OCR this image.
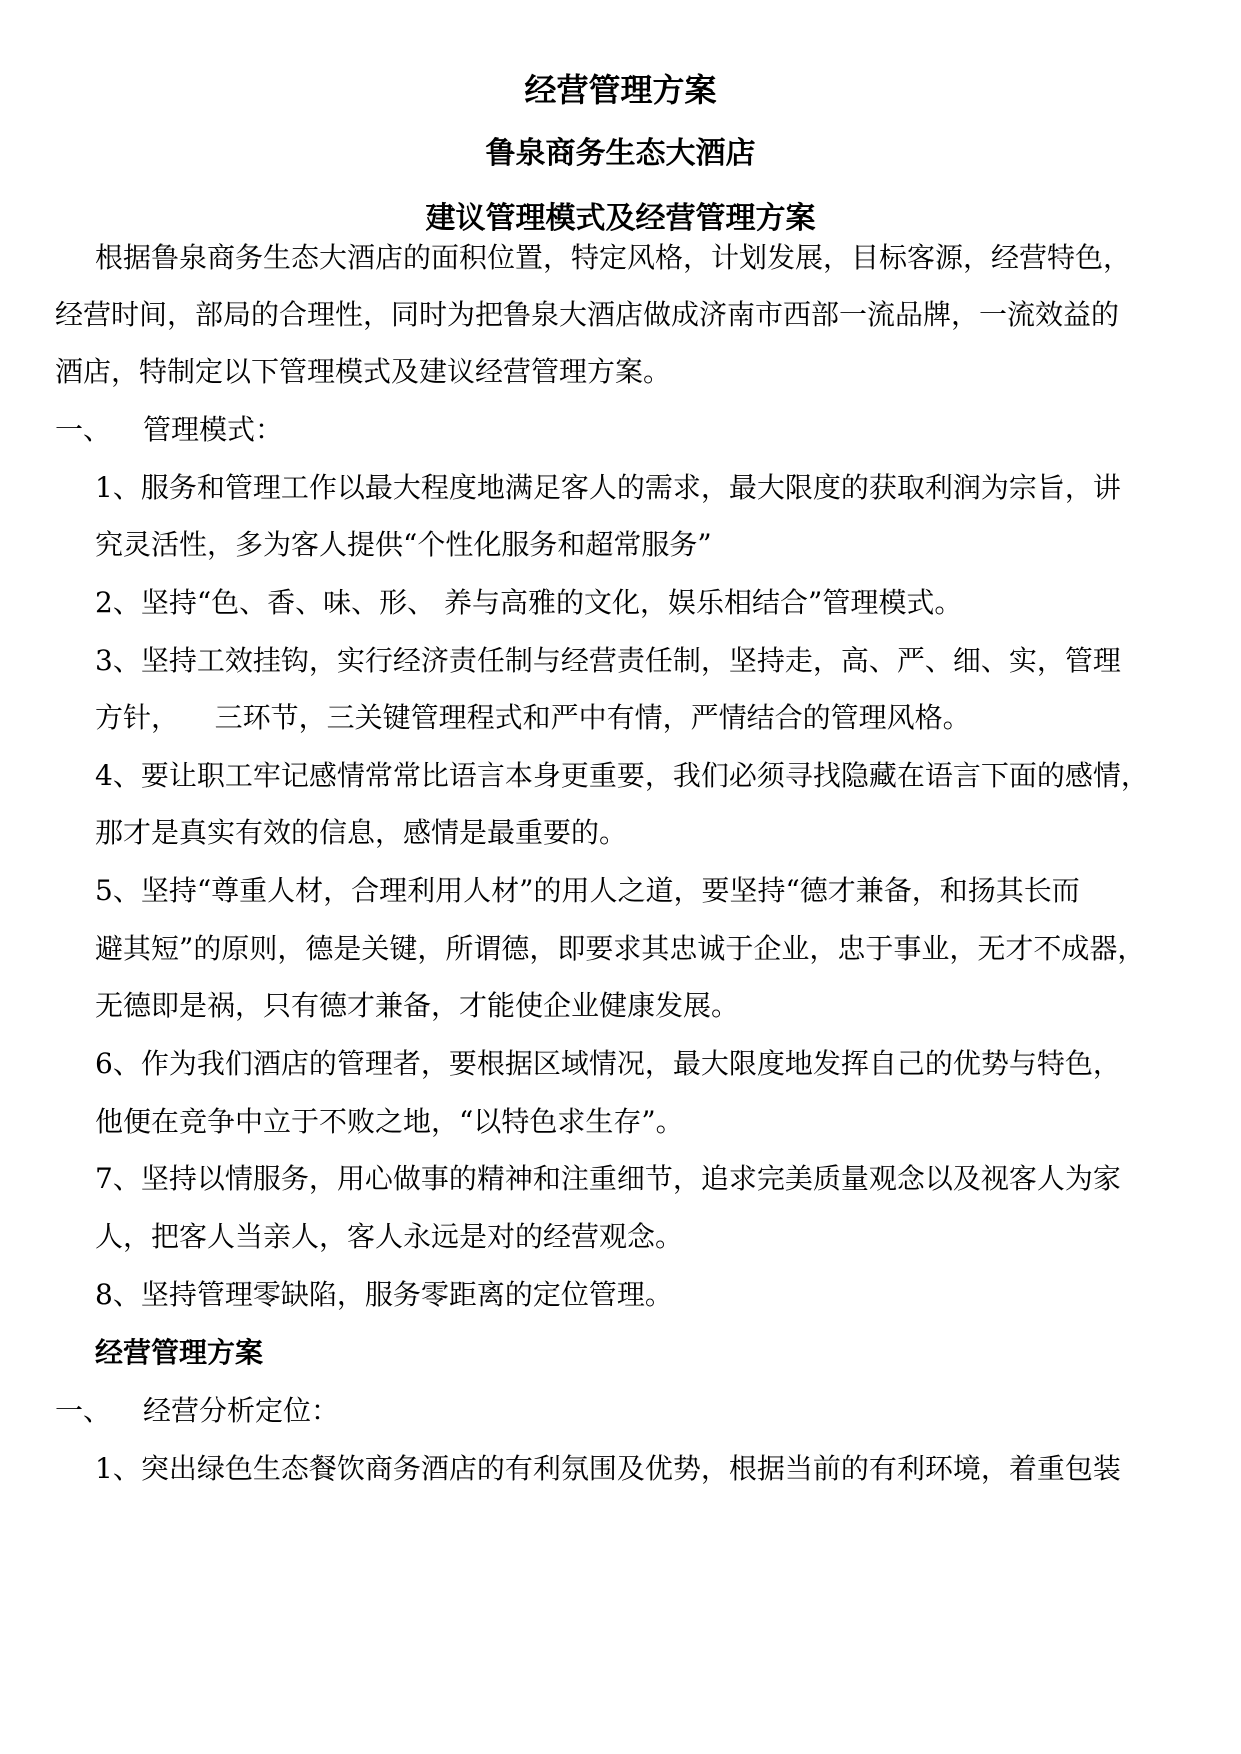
经营管理方案
鲁泉商务生态大酒店
建议管理模式及经营管理方案
根据鲁泉商务生态大酒店的面积位置，特定风格，计划发展，目标客源，经营特色，
经营时间，部局的合理性，同时为把鲁泉大酒店做成济南市西部一流品牌，一流效益的
酒店，特制定以下管理模式及建议经营管理方案。
一、 管理模式：
1、服务和管理工作以最大程度地满足客人的需求，最大限度的获取利润为宗旨，讲
究灵活性，多为客人提供“个性化服务和超常服务”
2、坚持“色、香、味、形、 养与高雅的文化，娱乐相结合”管理模式。
3、坚持工效挂钩，实行经济责任制与经营责任制，坚持走，高、严、细、实，管理
方针，    三环节，三关键管理程式和严中有情，严情结合的管理风格。
4、要让职工牢记感情常常比语言本身更重要，我们必须寻找隐藏在语言下面的感情，
那才是真实有效的信息，感情是最重要的。
5、坚持“尊重人材，合理利用人材”的用人之道，要坚持“德才兼备，和扬其长而
避其短”的原则，德是关键，所谓德，即要求其忠诚于企业，忠于事业，无才不成器，
无德即是祸，只有德才兼备，才能使企业健康发展。
6、作为我们酒店的管理者，要根据区域情况，最大限度地发挥自己的优势与特色，
他便在竞争中立于不败之地，“以特色求生存”。
7、坚持以情服务，用心做事的精神和注重细节，追求完美质量观念以及视客人为家
人，把客人当亲人，客人永远是对的经营观念。
8、坚持管理零缺陷，服务零距离的定位管理。
经营管理方案
一、 经营分析定位：
1、突出绿色生态餐饮商务酒店的有利氛围及优势，根据当前的有利环境，着重包装
